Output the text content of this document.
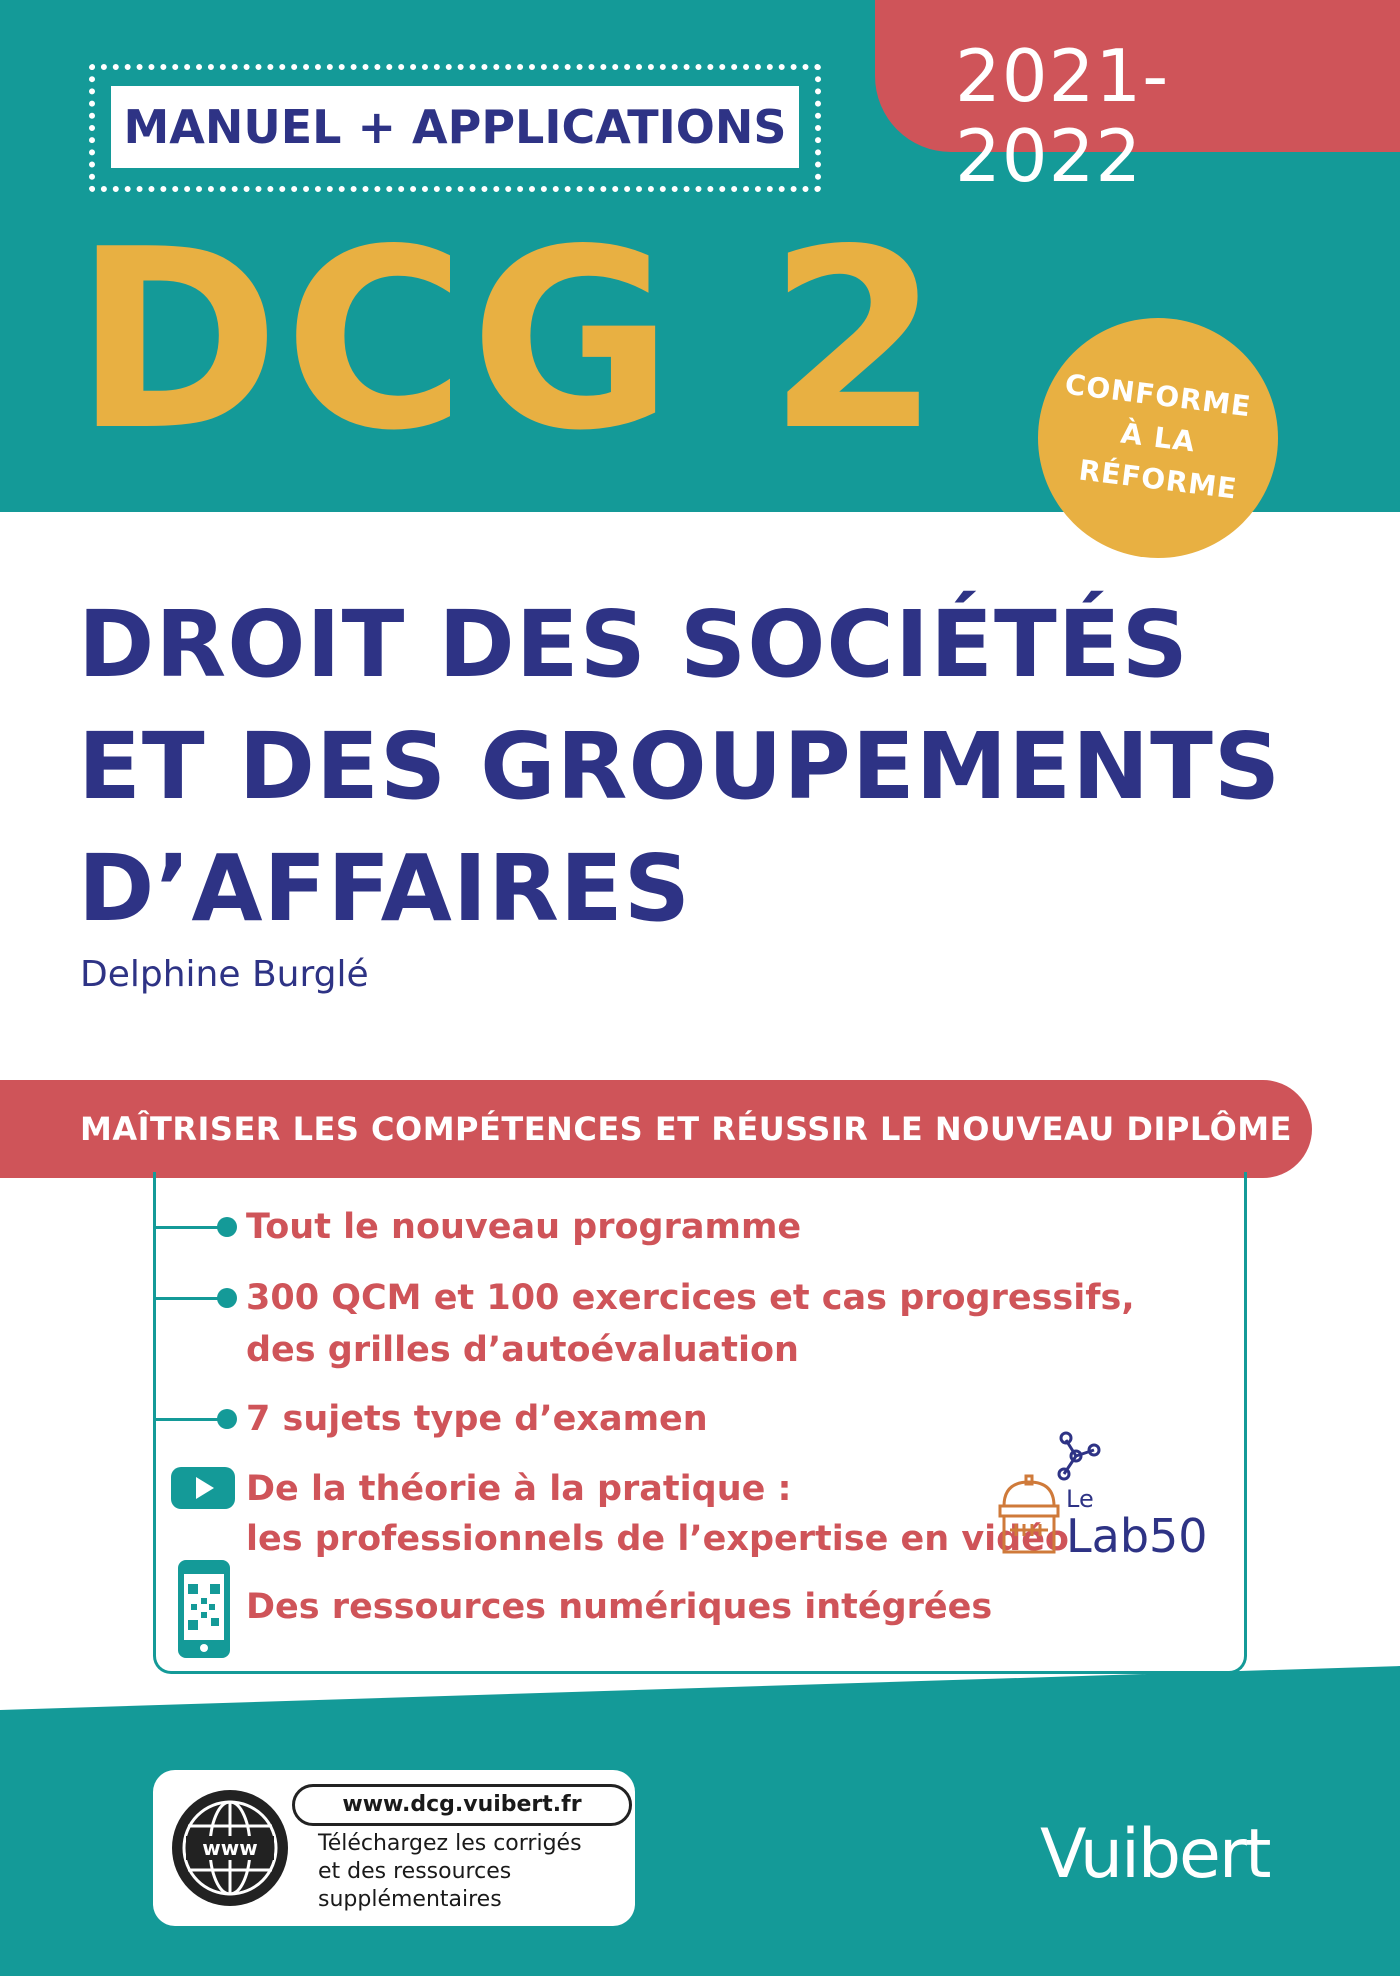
2021-2022
MANUEL + APPLICATIONS
DCG 2	CONFORME
À LA
RÉFORME
DROIT DES SOCIÉTÉS
ET DES GROUPEMENTS
D’AFFAIRES
Delphine Burglé
MAÎTRISER LES COMPÉTENCES ET RÉUSSIR LE NOUVEAU DIPLÔME
Tout le nouveau programme
300 QCM et 100 exercices et cas progressifs,
des grilles d’autoévaluation
7 sujets type d’examen
De la théorie à la pratique :
les professionnels de l’expertise en vidéo
Le
Lab50
Des ressources numériques intégrées
www
www.dcg.vuibert.fr
Téléchargez les corrigés
et des ressources
supplémentaires
Vuibert
